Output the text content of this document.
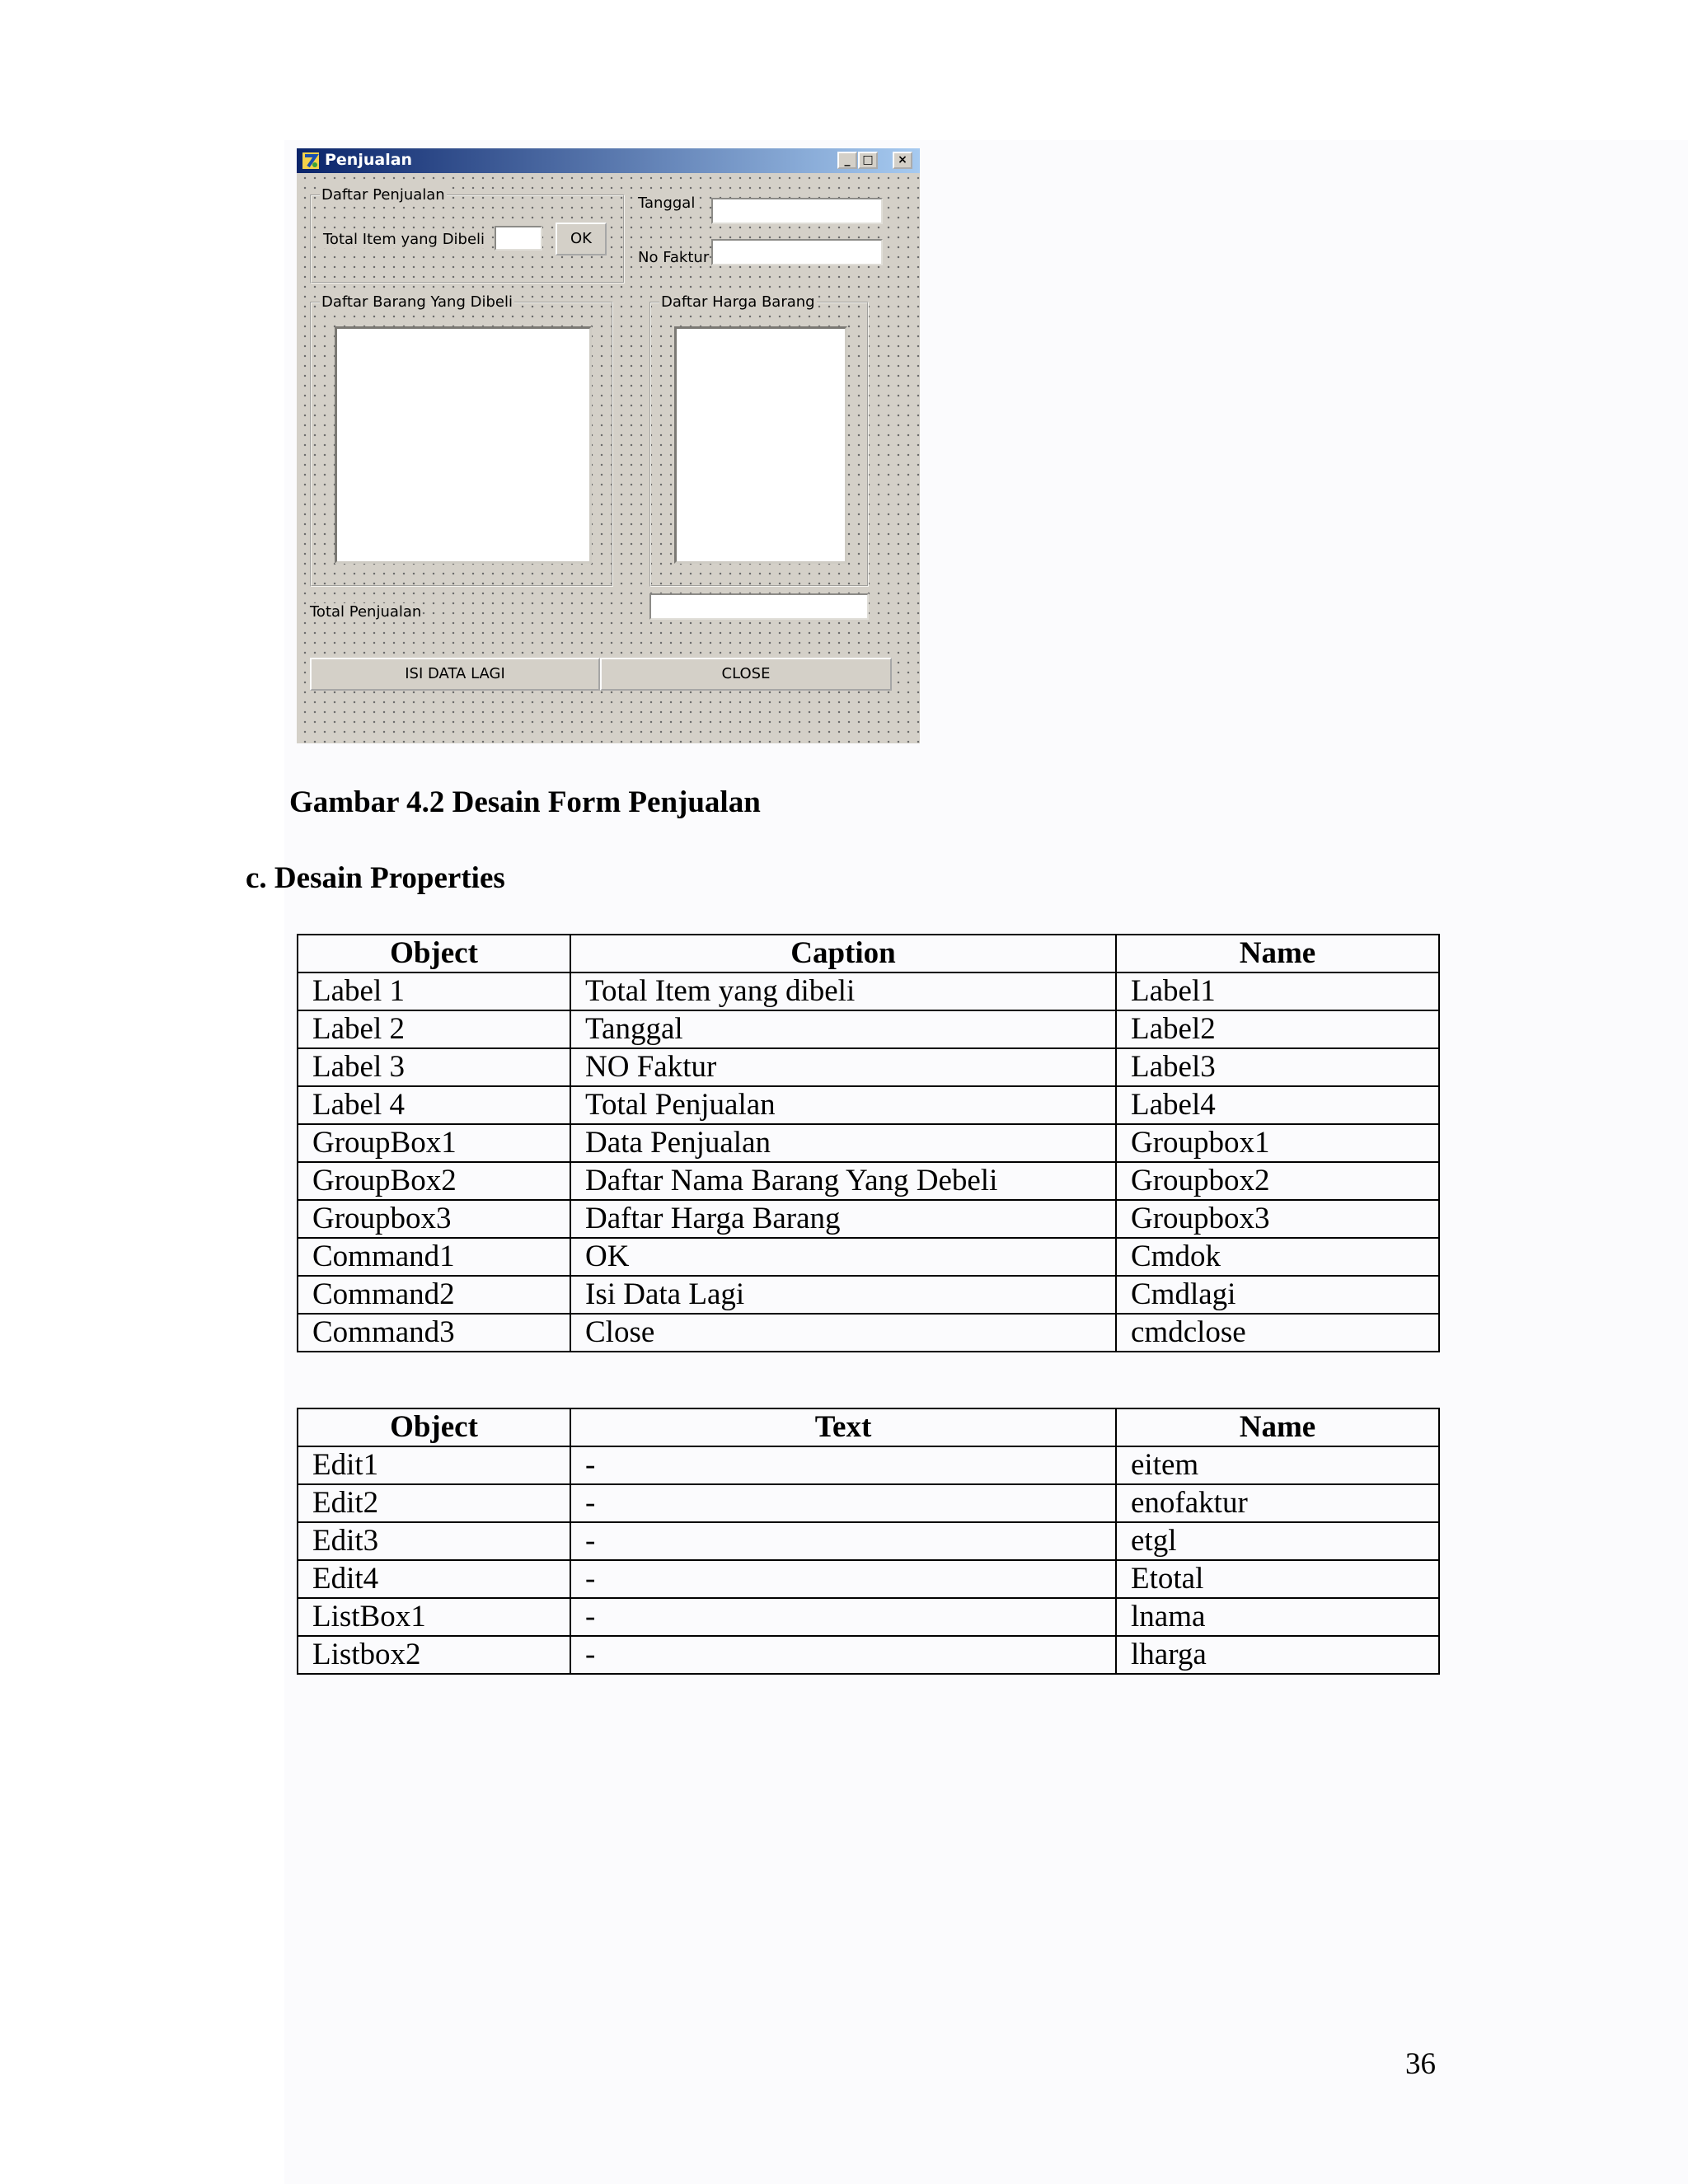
Penjualan	_	□	×
Daftar Penjualan
Total Item yang Dibeli	OK
Tanggal
No Faktur
Daftar Barang Yang Dibeli	Daftar Harga Barang
Total Penjualan
ISI DATA LAGI	CLOSE
Gambar 4.2 Desain Form Penjualan
c. Desain Properties
Object	Caption	Name
Label 1	Total Item yang dibeli	Label1
Label 2	Tanggal	Label2
Label 3	NO Faktur	Label3
Label 4	Total Penjualan	Label4
GroupBox1	Data Penjualan	Groupbox1
GroupBox2	Daftar Nama Barang Yang Debeli	Groupbox2
Groupbox3	Daftar Harga Barang	Groupbox3
Command1	OK	Cmdok
Command2	Isi Data Lagi	Cmdlagi
Command3	Close	cmdclose
Object	Text	Name
Edit1	-	eitem
Edit2	-	enofaktur
Edit3	-	etgl
Edit4	-	Etotal
ListBox1	-	lnama
Listbox2	-	lharga
36
